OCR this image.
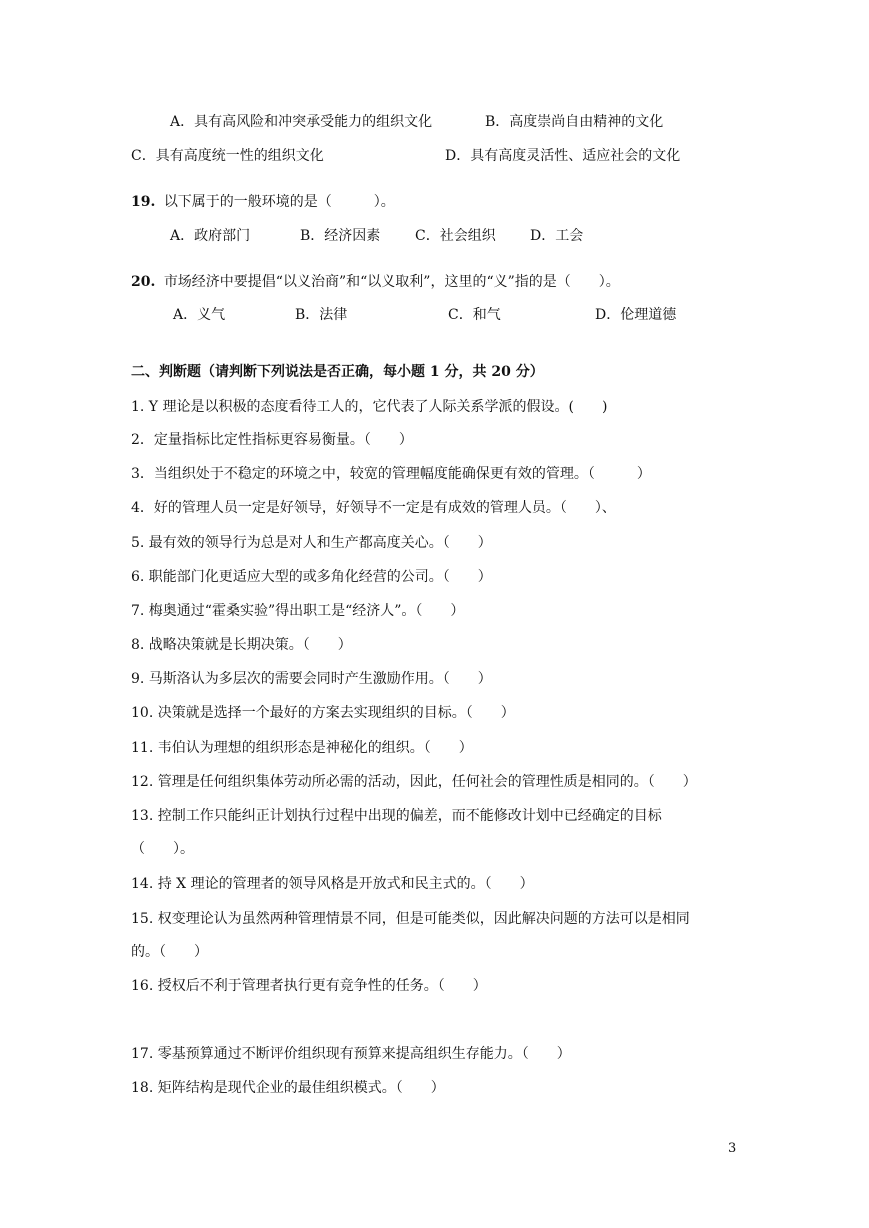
A．具有高风险和冲突承受能力的组织文化	B．高度崇尚自由精神的文化
C．具有高度统一性的组织文化	D．具有高度灵活性、适应社会的文化
19. 以下属于的一般环境的是（　　　）。
A．政府部门	B．经济因素 C．社会组织 D．工会
20. 市场经济中要提倡“以义治商”和“以义取利”，这里的“义”指的是（　　）。
A．义气	B．法律	C．和气	D．伦理道德
二、判断题（请判断下列说法是否正确，每小题 1 分，共 20 分）
1. Y 理论是以积极的态度看待工人的，它代表了人际关系学派的假设。(　　)
2．定量指标比定性指标更容易衡量。（　　）
3．当组织处于不稳定的环境之中，较宽的管理幅度能确保更有效的管理。（　　　）
4．好的管理人员一定是好领导，好领导不一定是有成效的管理人员。（　　）、
5. 最有效的领导行为总是对人和生产都高度关心。（　　）
6. 职能部门化更适应大型的或多角化经营的公司。（　　）
7. 梅奥通过“霍桑实验”得出职工是“经济人”。（　　）
8. 战略决策就是长期决策。（　　）
9. 马斯洛认为多层次的需要会同时产生激励作用。（　　）
10. 决策就是选择一个最好的方案去实现组织的目标。（　　）
11. 韦伯认为理想的组织形态是神秘化的组织。（　　）
12. 管理是任何组织集体劳动所必需的活动，因此，任何社会的管理性质是相同的。（　　）
13. 控制工作只能纠正计划执行过程中出现的偏差，而不能修改计划中已经确定的目标
（　　）。
14. 持 X 理论的管理者的领导风格是开放式和民主式的。（　　）
15. 权变理论认为虽然两种管理情景不同，但是可能类似，因此解决问题的方法可以是相同
的。（　　）
16. 授权后不利于管理者执行更有竞争性的任务。（　　）
17. 零基预算通过不断评价组织现有预算来提高组织生存能力。（　　）
18. 矩阵结构是现代企业的最佳组织模式。（　　）
3
